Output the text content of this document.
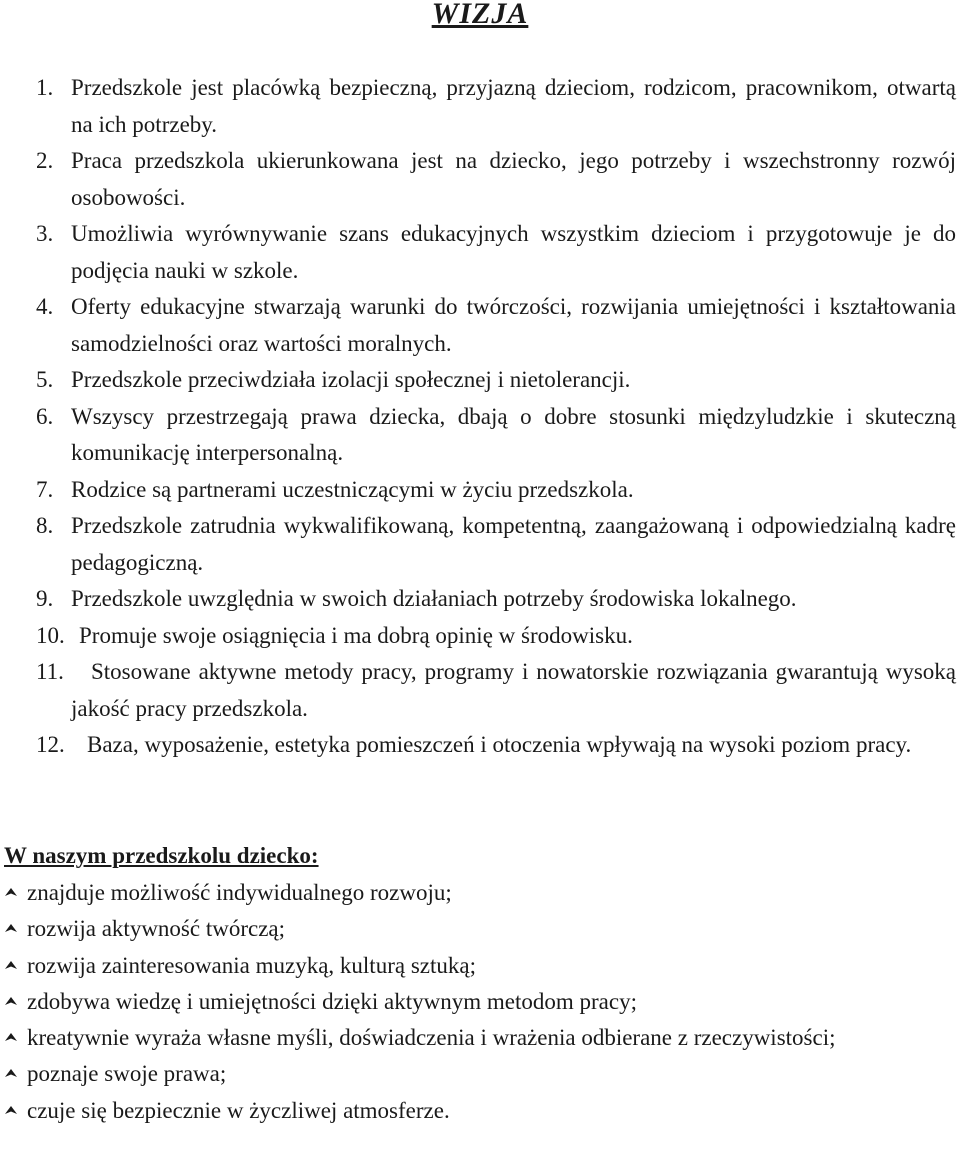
WIZJA
1. Przedszkole jest placówką bezpieczną, przyjazną dzieciom, rodzicom, pracownikom, otwartą na ich potrzeby.
2. Praca przedszkola ukierunkowana jest na dziecko, jego potrzeby i wszechstronny rozwój osobowości.
3. Umożliwia wyrównywanie szans edukacyjnych wszystkim dzieciom i przygotowuje je do podjęcia nauki w szkole.
4. Oferty edukacyjne stwarzają warunki do twórczości, rozwijania umiejętności i kształtowania samodzielności oraz wartości moralnych.
5. Przedszkole przeciwdziała izolacji społecznej i nietolerancji.
6. Wszyscy przestrzegają prawa dziecka, dbają o dobre stosunki międzyludzkie i skuteczną komunikację interpersonalną.
7. Rodzice są partnerami uczestniczącymi w życiu przedszkola.
8. Przedszkole zatrudnia wykwalifikowaną, kompetentną, zaangażowaną i odpowiedzialną kadrę pedagogiczną.
9. Przedszkole uwzględnia w swoich działaniach potrzeby środowiska lokalnego.
10. Promuje swoje osiągnięcia i ma dobrą opinię w środowisku.
11. Stosowane aktywne metody pracy, programy i nowatorskie rozwiązania gwarantują wysoką jakość pracy przedszkola.
12. Baza, wyposażenie, estetyka pomieszczeń i otoczenia wpływają na wysoki poziom pracy.
W naszym przedszkolu dziecko:
znajduje możliwość indywidualnego rozwoju;
rozwija aktywność twórczą;
rozwija zainteresowania muzyką, kulturą sztuką;
zdobywa wiedzę i umiejętności dzięki aktywnym metodom pracy;
kreatywnie wyraża własne myśli, doświadczenia i wrażenia odbierane z rzeczywistości;
poznaje swoje prawa;
czuje się bezpiecznie w życzliwej atmosferze.
